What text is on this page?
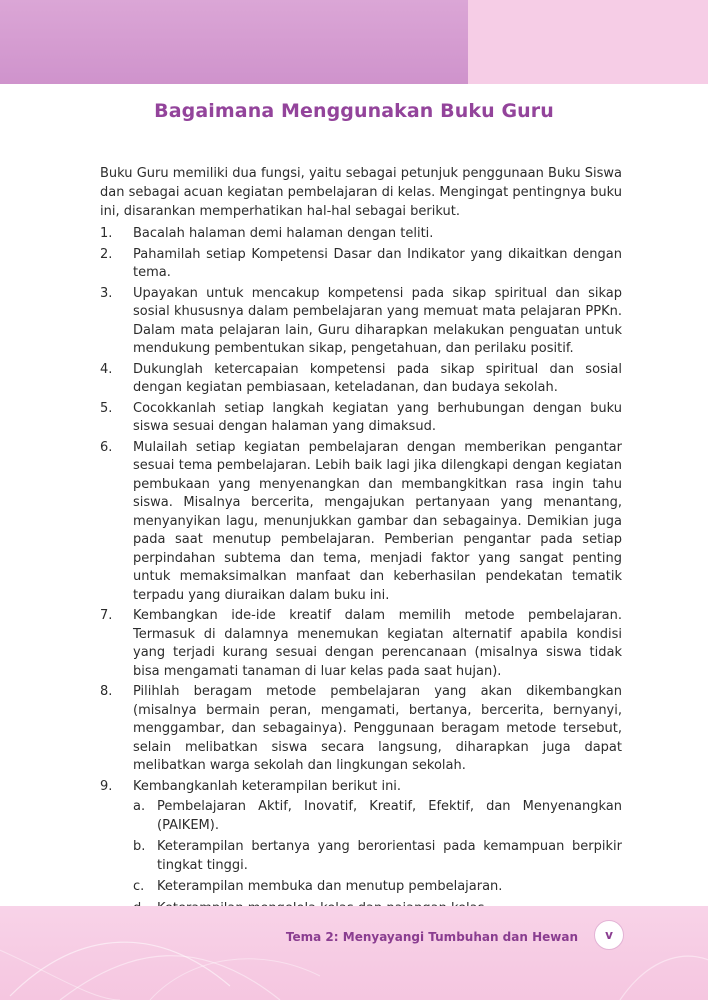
Bagaimana Menggunakan Buku Guru

Buku Guru memiliki dua fungsi, yaitu sebagai petunjuk penggunaan Buku Siswa dan sebagai acuan kegiatan pembelajaran di kelas. Mengingat pentingnya buku ini, disarankan memperhatikan hal-hal sebagai berikut.

1. Bacalah halaman demi halaman dengan teliti.
2. Pahamilah setiap Kompetensi Dasar dan Indikator yang dikaitkan dengan tema.
3. Upayakan untuk mencakup kompetensi pada sikap spiritual dan sikap sosial khususnya dalam pembelajaran yang memuat mata pelajaran PPKn. Dalam mata pelajaran lain, Guru diharapkan melakukan penguatan untuk mendukung pembentukan sikap, pengetahuan, dan perilaku positif.
4. Dukunglah ketercapaian kompetensi pada sikap spiritual dan sosial dengan kegiatan pembiasaan, keteladanan, dan budaya sekolah.
5. Cocokkanlah setiap langkah kegiatan yang berhubungan dengan buku siswa sesuai dengan halaman yang dimaksud.
6. Mulailah setiap kegiatan pembelajaran dengan memberikan pengantar sesuai tema pembelajaran. Lebih baik lagi jika dilengkapi dengan kegiatan pembukaan yang menyenangkan dan membangkitkan rasa ingin tahu siswa. Misalnya bercerita, mengajukan pertanyaan yang menantang, menyanyikan lagu, menunjukkan gambar dan sebagainya. Demikian juga pada saat menutup pembelajaran. Pemberian pengantar pada setiap perpindahan subtema dan tema, menjadi faktor yang sangat penting untuk memaksimalkan manfaat dan keberhasilan pendekatan tematik terpadu yang diuraikan dalam buku ini.
7. Kembangkan ide-ide kreatif dalam memilih metode pembelajaran. Termasuk di dalamnya menemukan kegiatan alternatif apabila kondisi yang terjadi kurang sesuai dengan perencanaan (misalnya siswa tidak bisa mengamati tanaman di luar kelas pada saat hujan).
8. Pilihlah beragam metode pembelajaran yang akan dikembangkan (misalnya bermain peran, mengamati, bertanya, bercerita, bernyanyi, menggambar, dan sebagainya). Penggunaan beragam metode tersebut, selain melibatkan siswa secara langsung, diharapkan juga dapat melibatkan warga sekolah dan lingkungan sekolah.
9. Kembangkanlah keterampilan berikut ini.
a. Pembelajaran Aktif, Inovatif, Kreatif, Efektif, dan Menyenangkan (PAIKEM).
b. Keterampilan bertanya yang berorientasi pada kemampuan berpikir tingkat tinggi.
c. Keterampilan membuka dan menutup pembelajaran.
Tema 2: Menyayangi Tumbuhan dan Hewan	v
